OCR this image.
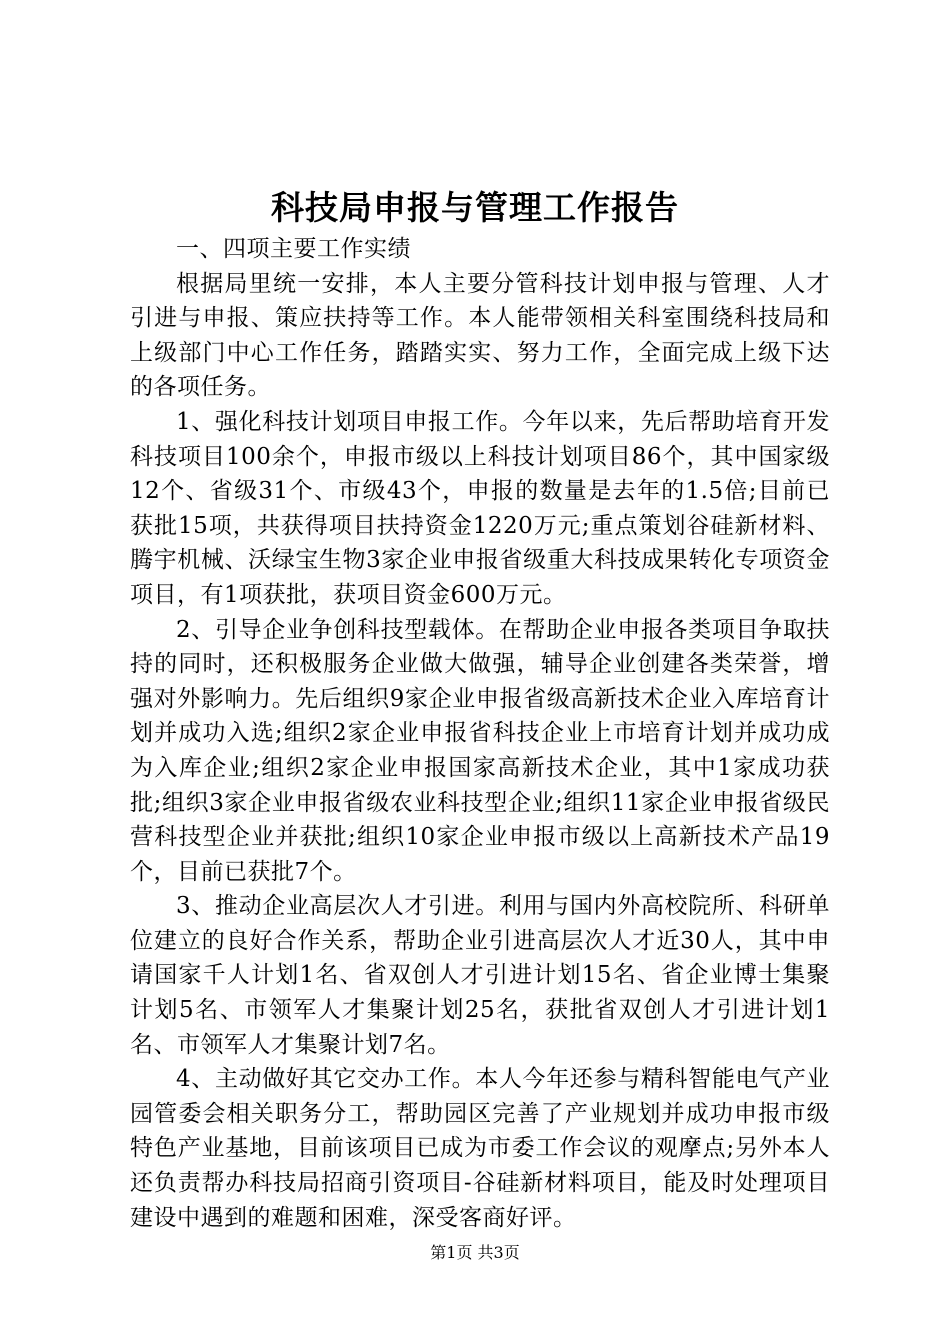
科技局申报与管理工作报告

一、四项主要工作实绩

根据局里统一安排，本人主要分管科技计划申报与管理、人才引进与申报、策应扶持等工作。本人能带领相关科室围绕科技局和上级部门中心工作任务，踏踏实实、努力工作，全面完成上级下达的各项任务。

1、强化科技计划项目申报工作。今年以来，先后帮助培育开发科技项目100余个，申报市级以上科技计划项目86个，其中国家级12个、省级31个、市级43个，申报的数量是去年的1.5倍;目前已获批15项，共获得项目扶持资金1220万元;重点策划谷硅新材料、腾宇机械、沃绿宝生物3家企业申报省级重大科技成果转化专项资金项目，有1项获批，获项目资金600万元。

2、引导企业争创科技型载体。在帮助企业申报各类项目争取扶持的同时，还积极服务企业做大做强，辅导企业创建各类荣誉，增强对外影响力。先后组织9家企业申报省级高新技术企业入库培育计划并成功入选;组织2家企业申报省科技企业上市培育计划并成功成为入库企业;组织2家企业申报国家高新技术企业，其中1家成功获批;组织3家企业申报省级农业科技型企业;组织11家企业申报省级民营科技型企业并获批;组织10家企业申报市级以上高新技术产品19个，目前已获批7个。

3、推动企业高层次人才引进。利用与国内外高校院所、科研单位建立的良好合作关系，帮助企业引进高层次人才近30人，其中申请国家千人计划1名、省双创人才引进计划15名、省企业博士集聚计划5名、市领军人才集聚计划25名，获批省双创人才引进计划1名、市领军人才集聚计划7名。

4、主动做好其它交办工作。本人今年还参与精科智能电气产业园管委会相关职务分工，帮助园区完善了产业规划并成功申报市级特色产业基地，目前该项目已成为市委工作会议的观摩点;另外本人还负责帮办科技局招商引资项目-谷硅新材料项目，能及时处理项目建设中遇到的难题和困难，深受客商好评。

第1页 共3页
